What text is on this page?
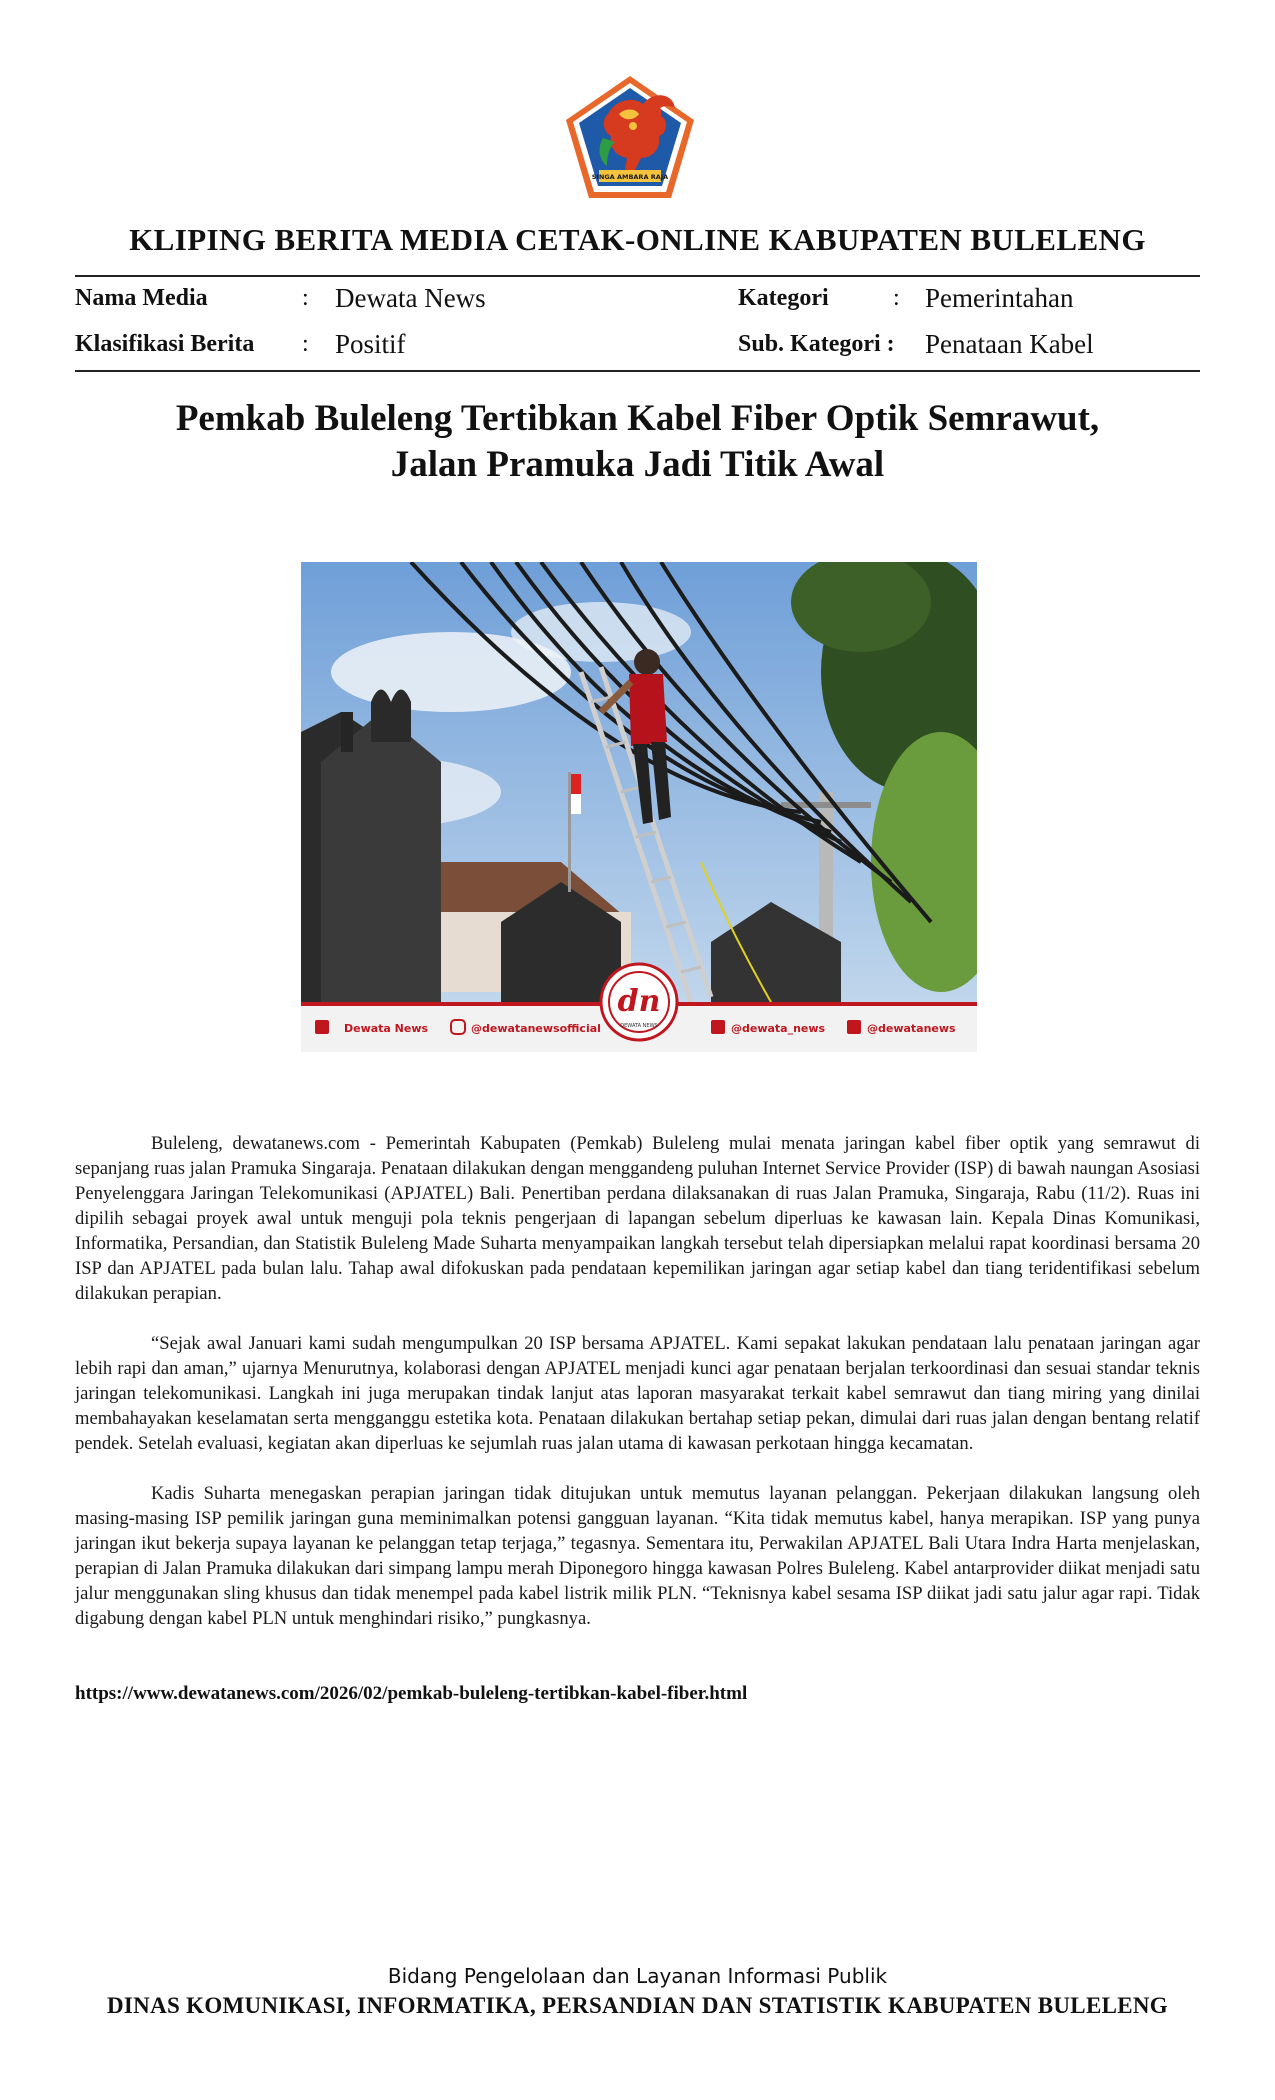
SINGA AMBARA RAJA
KLIPING BERITA MEDIA CETAK-ONLINE KABUPATEN BULELENG
Nama Media	: Dewata News
Klasifikasi Berita : Positif
Kategori	: Pemerintahan
Sub. Kategori : Penataan Kabel
Pemkab Buleleng Tertibkan Kabel Fiber Optik Semrawut,
Jalan Pramuka Jadi Titik Awal
Dewata News	@dewatanewsofficial	@dewata_news	@dewatanews
dn
DEWATA NEWS

Buleleng, dewatanews.com - Pemerintah Kabupaten (Pemkab) Buleleng mulai menata jaringan kabel fiber optik yang semrawut di sepanjang ruas jalan Pramuka Singaraja. Penataan dilakukan dengan menggandeng puluhan Internet Service Provider (ISP) di bawah naungan Asosiasi Penyelenggara Jaringan Telekomunikasi (APJATEL) Bali. Penertiban perdana dilaksanakan di ruas Jalan Pramuka, Singaraja, Rabu (11/2). Ruas ini dipilih sebagai proyek awal untuk menguji pola teknis pengerjaan di lapangan sebelum diperluas ke kawasan lain. Kepala Dinas Komunikasi, Informatika, Persandian, dan Statistik Buleleng Made Suharta menyampaikan langkah tersebut telah dipersiapkan melalui rapat koordinasi bersama 20 ISP dan APJATEL pada bulan lalu. Tahap awal difokuskan pada pendataan kepemilikan jaringan agar setiap kabel dan tiang teridentifikasi sebelum dilakukan perapian.

“Sejak awal Januari kami sudah mengumpulkan 20 ISP bersama APJATEL. Kami sepakat lakukan pendataan lalu penataan jaringan agar lebih rapi dan aman,” ujarnya Menurutnya, kolaborasi dengan APJATEL menjadi kunci agar penataan berjalan terkoordinasi dan sesuai standar teknis jaringan telekomunikasi. Langkah ini juga merupakan tindak lanjut atas laporan masyarakat terkait kabel semrawut dan tiang miring yang dinilai membahayakan keselamatan serta mengganggu estetika kota. Penataan dilakukan bertahap setiap pekan, dimulai dari ruas jalan dengan bentang relatif pendek. Setelah evaluasi, kegiatan akan diperluas ke sejumlah ruas jalan utama di kawasan perkotaan hingga kecamatan.

Kadis Suharta menegaskan perapian jaringan tidak ditujukan untuk memutus layanan pelanggan. Pekerjaan dilakukan langsung oleh masing-masing ISP pemilik jaringan guna meminimalkan potensi gangguan layanan. “Kita tidak memutus kabel, hanya merapikan. ISP yang punya jaringan ikut bekerja supaya layanan ke pelanggan tetap terjaga,” tegasnya. Sementara itu, Perwakilan APJATEL Bali Utara Indra Harta menjelaskan, perapian di Jalan Pramuka dilakukan dari simpang lampu merah Diponegoro hingga kawasan Polres Buleleng. Kabel antarprovider diikat menjadi satu jalur menggunakan sling khusus dan tidak menempel pada kabel listrik milik PLN. “Teknisnya kabel sesama ISP diikat jadi satu jalur agar rapi. Tidak digabung dengan kabel PLN untuk menghindari risiko,” pungkasnya.

https://www.dewatanews.com/2026/02/pemkab-buleleng-tertibkan-kabel-fiber.html
Bidang Pengelolaan dan Layanan Informasi Publik
DINAS KOMUNIKASI, INFORMATIKA, PERSANDIAN DAN STATISTIK KABUPATEN BULELENG
